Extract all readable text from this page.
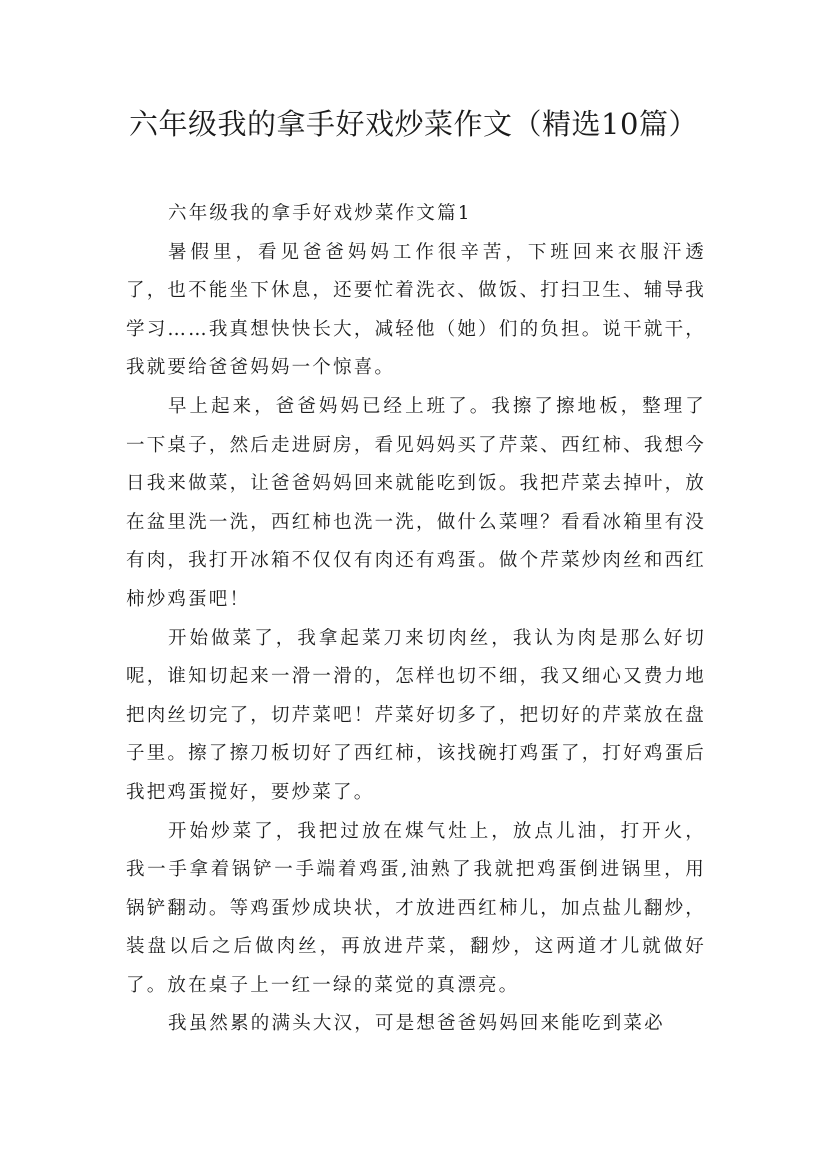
六年级我的拿手好戏炒菜作文（精选10篇）

六年级我的拿手好戏炒菜作文篇1

暑假里，看见爸爸妈妈工作很辛苦，下班回来衣服汗透了，也不能坐下休息，还要忙着洗衣、做饭、打扫卫生、辅导我学习……我真想快快长大，减轻他（她）们的负担。说干就干，我就要给爸爸妈妈一个惊喜。

早上起来，爸爸妈妈已经上班了。我擦了擦地板，整理了一下桌子，然后走进厨房，看见妈妈买了芹菜、西红柿、我想今日我来做菜，让爸爸妈妈回来就能吃到饭。我把芹菜去掉叶，放在盆里洗一洗，西红柿也洗一洗，做什么菜哩？看看冰箱里有没有肉，我打开冰箱不仅仅有肉还有鸡蛋。做个芹菜炒肉丝和西红柿炒鸡蛋吧！

开始做菜了，我拿起菜刀来切肉丝，我认为肉是那么好切呢，谁知切起来一滑一滑的，怎样也切不细，我又细心又费力地把肉丝切完了，切芹菜吧！芹菜好切多了，把切好的芹菜放在盘子里。擦了擦刀板切好了西红柿，该找碗打鸡蛋了，打好鸡蛋后我把鸡蛋搅好，要炒菜了。

开始炒菜了，我把过放在煤气灶上，放点儿油，打开火，我一手拿着锅铲一手端着鸡蛋,油熟了我就把鸡蛋倒进锅里，用锅铲翻动。等鸡蛋炒成块状，才放进西红柿儿，加点盐儿翻炒，装盘以后之后做肉丝，再放进芹菜，翻炒，这两道才儿就做好了。放在桌子上一红一绿的菜觉的真漂亮。

我虽然累的满头大汉，可是想爸爸妈妈回来能吃到菜必
